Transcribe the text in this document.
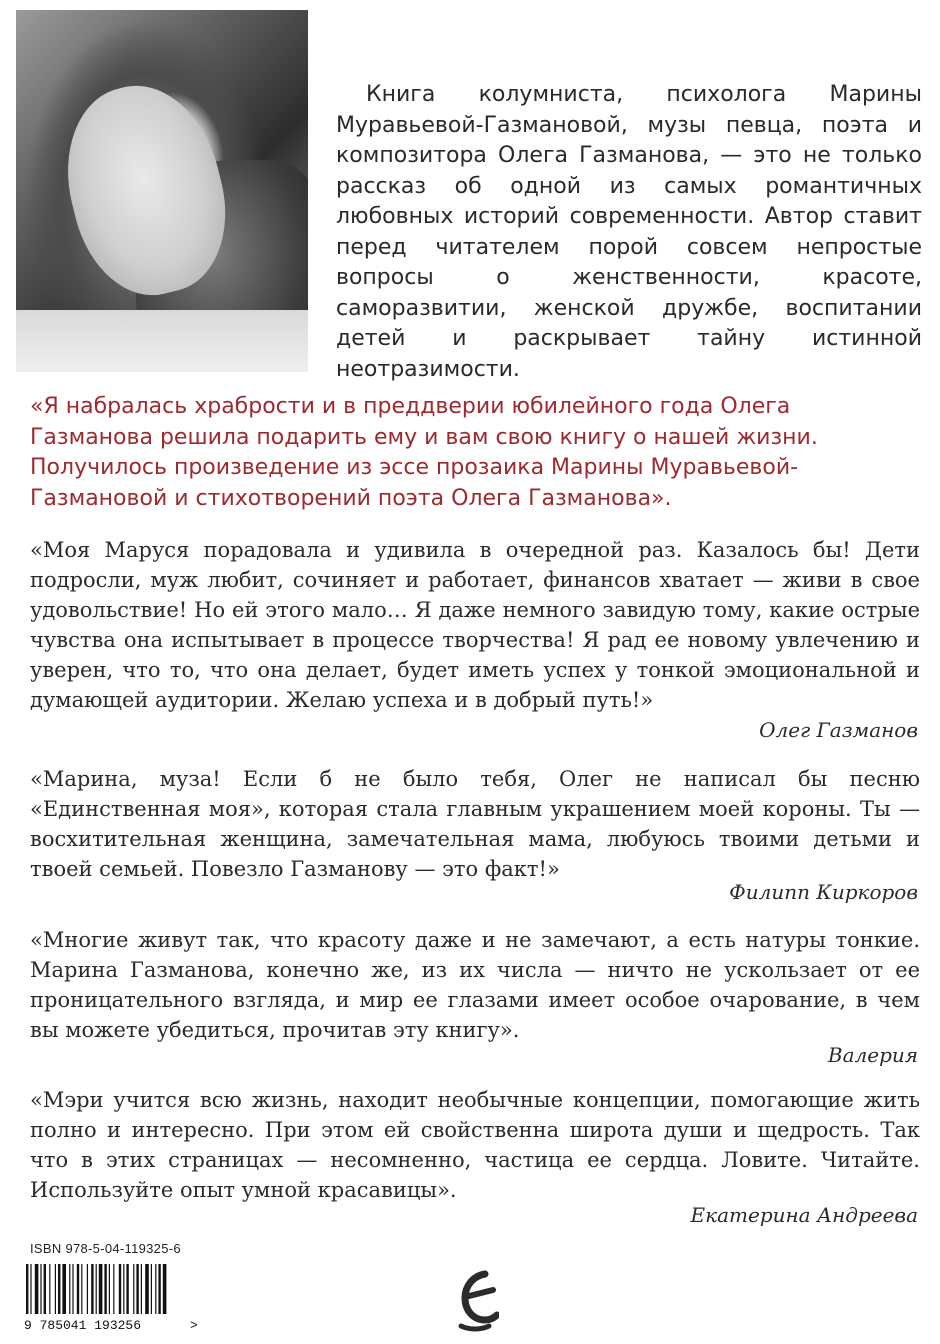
Книга колумниста, психолога Марины Муравьевой-Газмановой, музы певца, поэта и композитора Олега Газманова, — это не только рассказ об одной из самых романтичных любовных историй современности. Автор ставит перед читателем порой совсем непростые вопросы о женственности, красоте, саморазвитии, женской дружбе, воспитании детей и раскрывает тайну истинной неотразимости.

«Я набралась храбрости и в преддверии юбилейного года Олега Газманова решила подарить ему и вам свою книгу о нашей жизни. Получилось произведение из эссе прозаика Марины Муравьевой-Газмановой и стихотворений поэта Олега Газманова».

«Моя Маруся порадовала и удивила в очередной раз. Казалось бы! Дети подросли, муж любит, сочиняет и работает, финансов хватает — живи в свое удовольствие! Но ей этого мало… Я даже немного завидую тому, какие острые чувства она испытывает в процессе творчества! Я рад ее новому увлечению и уверен, что то, что она делает, будет иметь успех у тонкой эмоциональной и думающей аудитории. Желаю успеха и в добрый путь!»

Олег Газманов

«Марина, муза! Если б не было тебя, Олег не написал бы песню «Единственная моя», которая стала главным украшением моей короны. Ты — восхитительная женщина, замечательная мама, любуюсь твоими детьми и твоей семьей. Повезло Газманову — это факт!»

Филипп Киркоров

«Многие живут так, что красоту даже и не замечают, а есть натуры тонкие. Марина Газманова, конечно же, из их числа — ничто не ускользает от ее проницательного взгляда, и мир ее глазами имеет особое очарование, в чем вы можете убедиться, прочитав эту книгу».

Валерия

«Мэри учится всю жизнь, находит необычные концепции, помогающие жить полно и интересно. При этом ей свойственна широта души и щедрость. Так что в этих страницах — несомненно, частица ее сердца. Ловите. Читайте. Используйте опыт умной красавицы».

Екатерина Андреева

ISBN 978-5-04-119325-6
9 785041 193256	>
